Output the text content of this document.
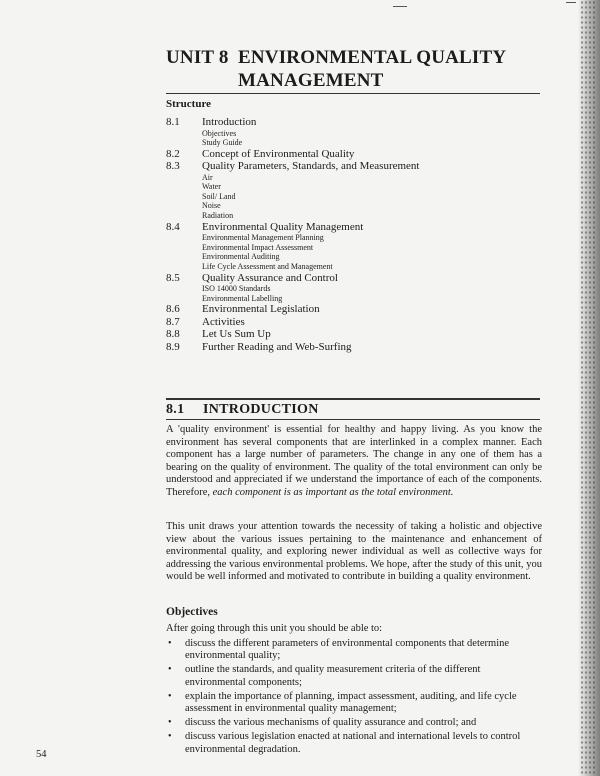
UNIT 8 ENVIRONMENTAL QUALITY
MANAGEMENT
Structure
8.1	Introduction
Objectives
Study Guide
8.2	Concept of Environmental Quality
8.3	Quality Parameters, Standards, and Measurement
Air
Water
Soil/ Land
Noise
Radiation
8.4	Environmental Quality Management
Environmental Management Planning
Environmental Impact Assessment
Environmental Auditing
Life Cycle Assessment and Management
8.5	Quality Assurance and Control
ISO 14000 Standards
Environmental Labelling
8.6	Environmental Legislation
8.7	Activities
8.8	Let Us Sum Up
8.9	Further Reading and Web-Surfing
8.1 INTRODUCTION
A 'quality environment' is essential for healthy and happy living. As you know the environment has several components that are interlinked in a complex manner. Each component has a large number of parameters. The change in any one of them has a bearing on the quality of environment. The quality of the total environment can only be understood and appreciated if we understand the importance of each of the components. Therefore, each component is as important as the total environment.
This unit draws your attention towards the necessity of taking a holistic and objective view about the various issues pertaining to the maintenance and enhancement of environmental quality, and exploring newer individual as well as collective ways for addressing the various environmental problems. We hope, after the study of this unit, you would be well informed and motivated to contribute in building a quality environment.
Objectives
After going through this unit you should be able to:
• discuss the different parameters of environmental components that determine environmental quality;
• outline the standards, and quality measurement criteria of the different environmental components;
• explain the importance of planning, impact assessment, auditing, and life cycle assessment in environmental quality management;
• discuss the various mechanisms of quality assurance and control; and
• discuss various legislation enacted at national and international levels to control environmental degradation.
54
